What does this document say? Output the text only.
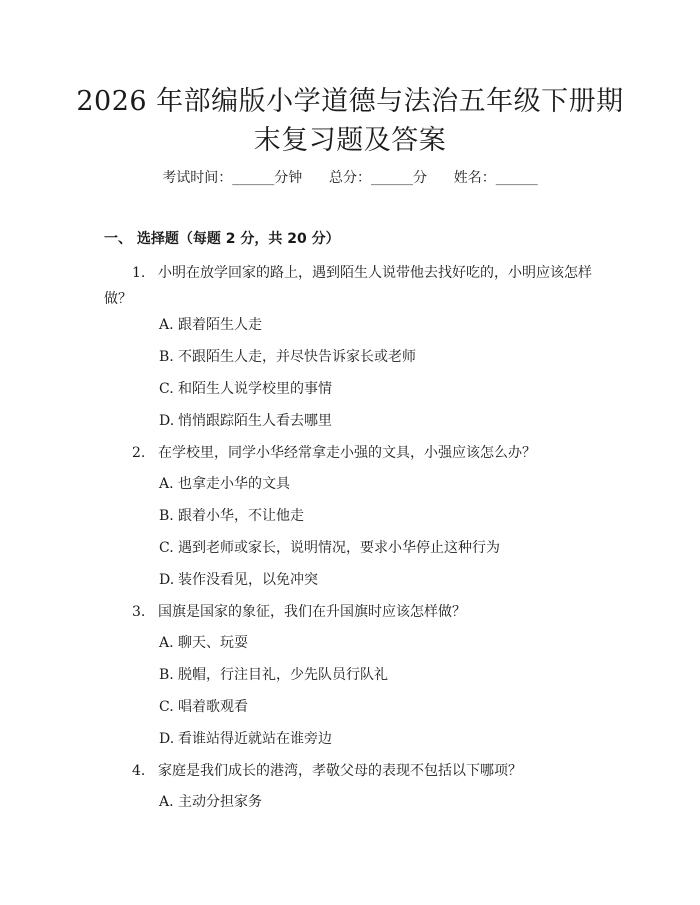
2026 年部编版小学道德与法治五年级下册期
末复习题及答案
考试时间：______分钟      总分：______分      姓名：______
一、 选择题（每题 2 分，共 20 分）
1. 小明在放学回家的路上，遇到陌生人说带他去找好吃的，小明应该怎样
做？
A. 跟着陌生人走
B. 不跟陌生人走，并尽快告诉家长或老师
C. 和陌生人说学校里的事情
D. 悄悄跟踪陌生人看去哪里
2. 在学校里，同学小华经常拿走小强的文具，小强应该怎么办？
A. 也拿走小华的文具
B. 跟着小华，不让他走
C. 遇到老师或家长，说明情况，要求小华停止这种行为
D. 装作没看见，以免冲突
3. 国旗是国家的象征，我们在升国旗时应该怎样做？
A. 聊天、玩耍
B. 脱帽，行注目礼，少先队员行队礼
C. 唱着歌观看
D. 看谁站得近就站在谁旁边
4. 家庭是我们成长的港湾，孝敬父母的表现不包括以下哪项？
A. 主动分担家务
